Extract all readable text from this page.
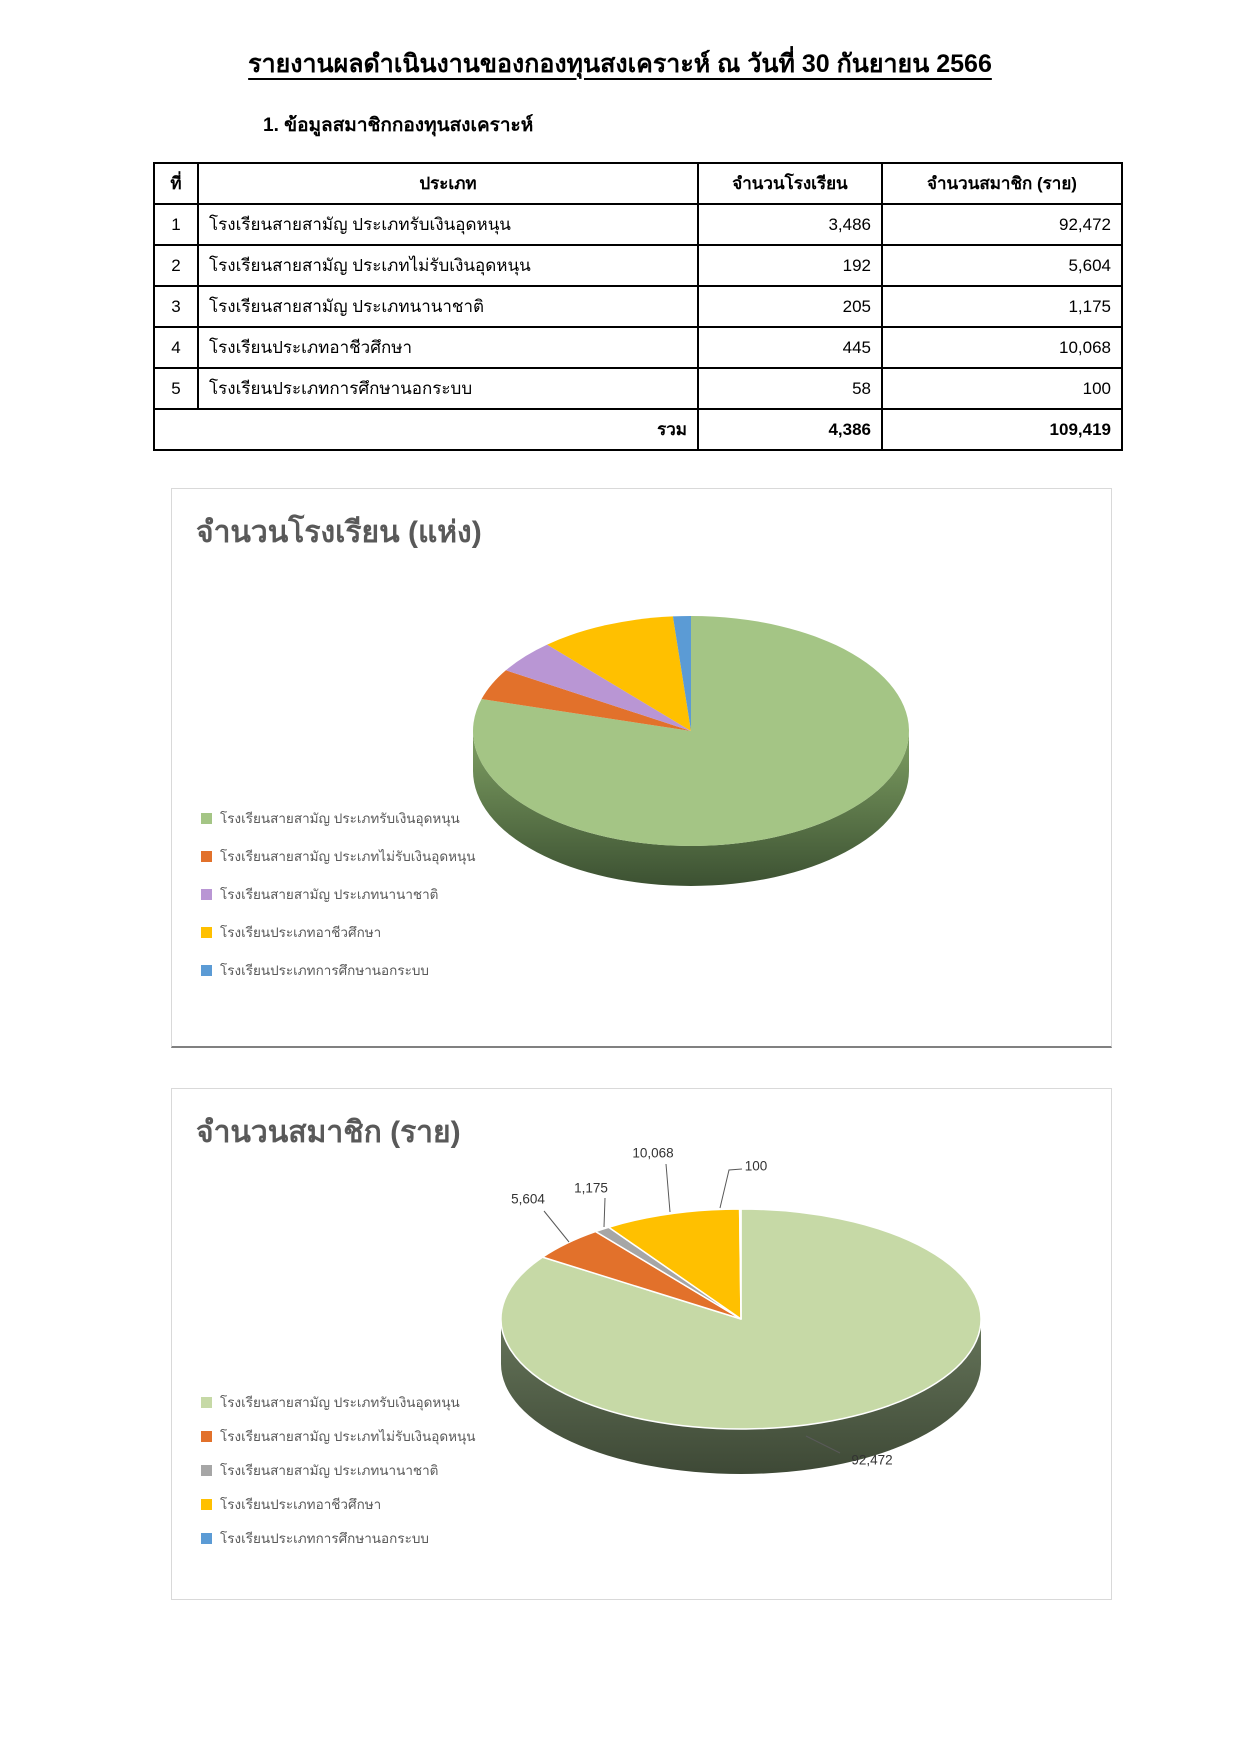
รายงานผลดำเนินงานของกองทุนสงเคราะห์ ณ วันที่ 30 กันยายน 2566
1. ข้อมูลสมาชิกกองทุนสงเคราะห์
ที่	ประเภท	จำนวนโรงเรียน	จำนวนสมาชิก (ราย)
1	โรงเรียนสายสามัญ ประเภทรับเงินอุดหนุน	3,486	92,472
2	โรงเรียนสายสามัญ ประเภทไม่รับเงินอุดหนุน	192	5,604
3	โรงเรียนสายสามัญ ประเภทนานาชาติ	205	1,175
4	โรงเรียนประเภทอาชีวศึกษา	445	10,068
5	โรงเรียนประเภทการศึกษานอกระบบ	58	100
รวม		4,386	109,419
จำนวนโรงเรียน (แห่ง)
โรงเรียนสายสามัญ ประเภทรับเงินอุดหนุน
โรงเรียนสายสามัญ ประเภทไม่รับเงินอุดหนุน
โรงเรียนสายสามัญ ประเภทนานาชาติ
โรงเรียนประเภทอาชีวศึกษา
โรงเรียนประเภทการศึกษานอกระบบ
จำนวนสมาชิก (ราย)
92,472
5,604
1,175
10,068
100
โรงเรียนสายสามัญ ประเภทรับเงินอุดหนุน
โรงเรียนสายสามัญ ประเภทไม่รับเงินอุดหนุน
โรงเรียนสายสามัญ ประเภทนานาชาติ
โรงเรียนประเภทอาชีวศึกษา
โรงเรียนประเภทการศึกษานอกระบบ
